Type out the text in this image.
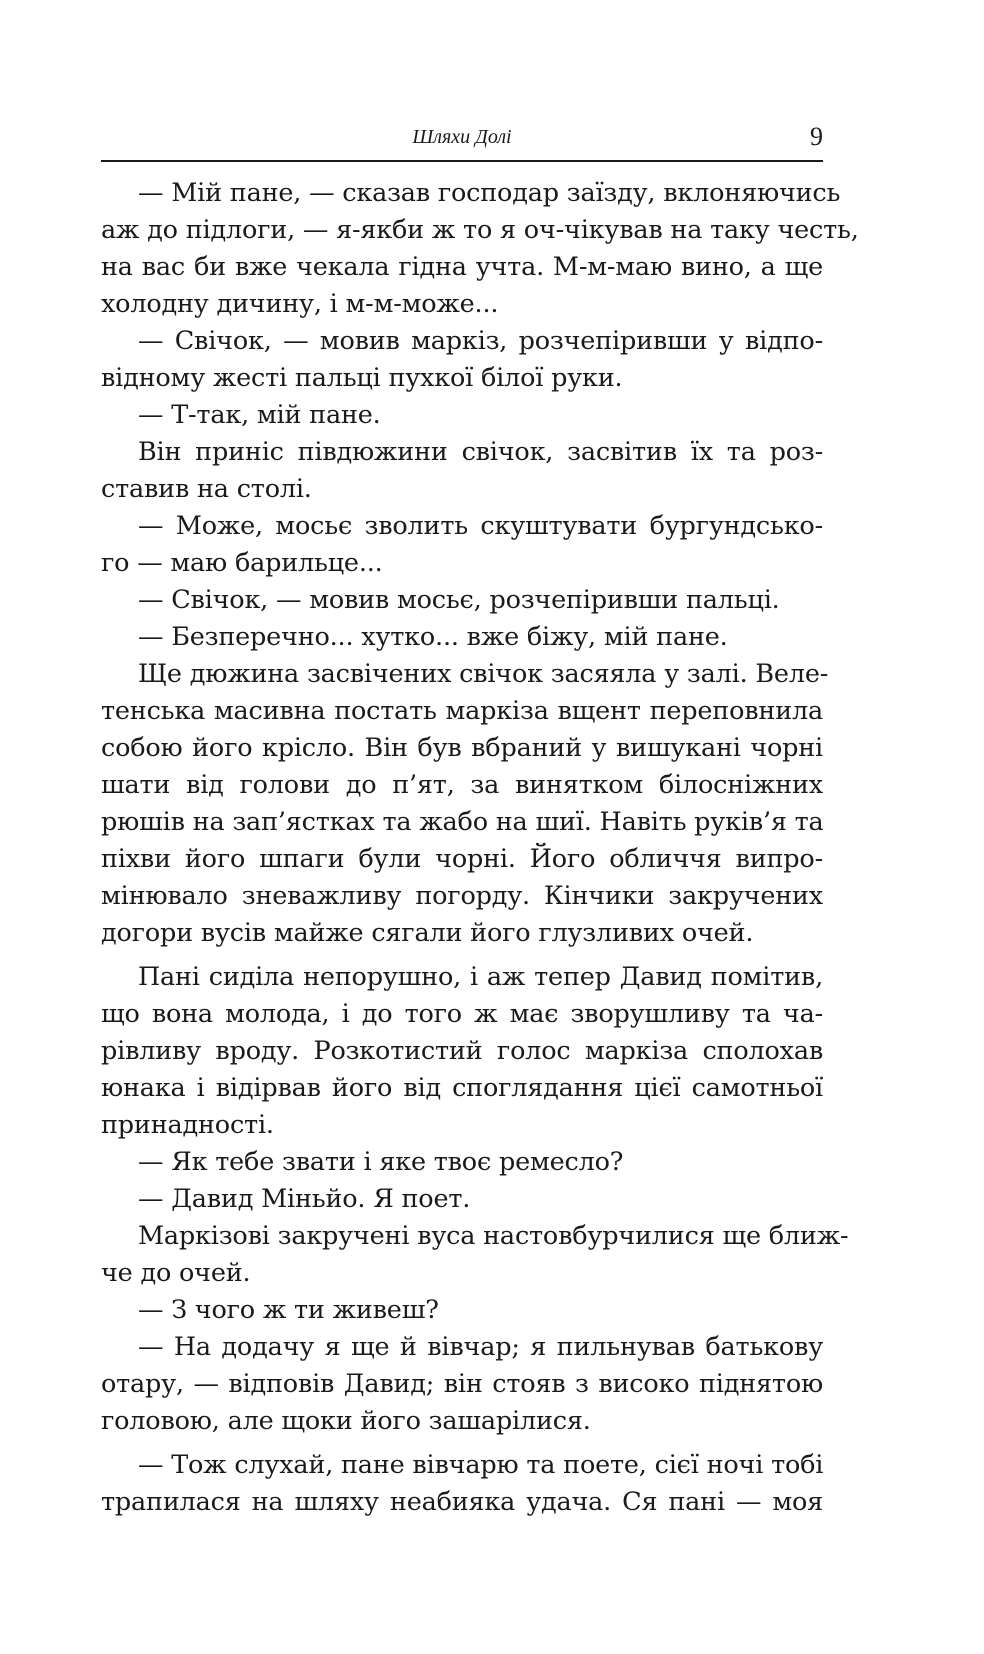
Шляхи Долі	9
— Мій пане, — сказав господар заїзду, вклоняючись
аж до підлоги, — я-якби ж то я оч-чікував на таку честь,
на вас би вже чекала гідна учта. М-м-маю вино, а ще
холодну дичину, і м-м-може...
— Свічок, — мовив маркіз, розчепіривши у відпо-
відному жесті пальці пухкої білої руки.
— Т-так, мій пане.
Він приніс півдюжини свічок, засвітив їх та роз-
ставив на столі.
— Може, мосьє зволить скуштувати бургундсько-
го — маю барильце...
— Свічок, — мовив мосьє, розчепіривши пальці.
— Безперечно... хутко... вже біжу, мій пане.
Ще дюжина засвічених свічок засяяла у залі. Веле-
тенська масивна постать маркіза вщент переповнила
собою його крісло. Він був вбраний у вишукані чорні
шати від голови до п’ят, за винятком білосніжних
рюшів на зап’ястках та жабо на шиї. Навіть руків’я та
піхви його шпаги були чорні. Його обличчя випро-
мінювало зневажливу погорду. Кінчики закручених
догори вусів майже сягали його глузливих очей.
Пані сиділа непорушно, і аж тепер Давид помітив,
що вона молода, і до того ж має зворушливу та ча-
рівливу вроду. Розкотистий голос маркіза сполохав
юнака і відірвав його від споглядання цієї самотньої
принадності.
— Як тебе звати і яке твоє ремесло?
— Давид Міньйо. Я поет.
Маркізові закручені вуса настовбурчилися ще ближ-
че до очей.
— З чого ж ти живеш?
— На додачу я ще й вівчар; я пильнував батькову
отару, — відповів Давид; він стояв з високо піднятою
головою, але щоки його зашарілися.
— Тож слухай, пане вівчарю та поете, сієї ночі тобі
трапилася на шляху неабияка удача. Ся пані — моя
